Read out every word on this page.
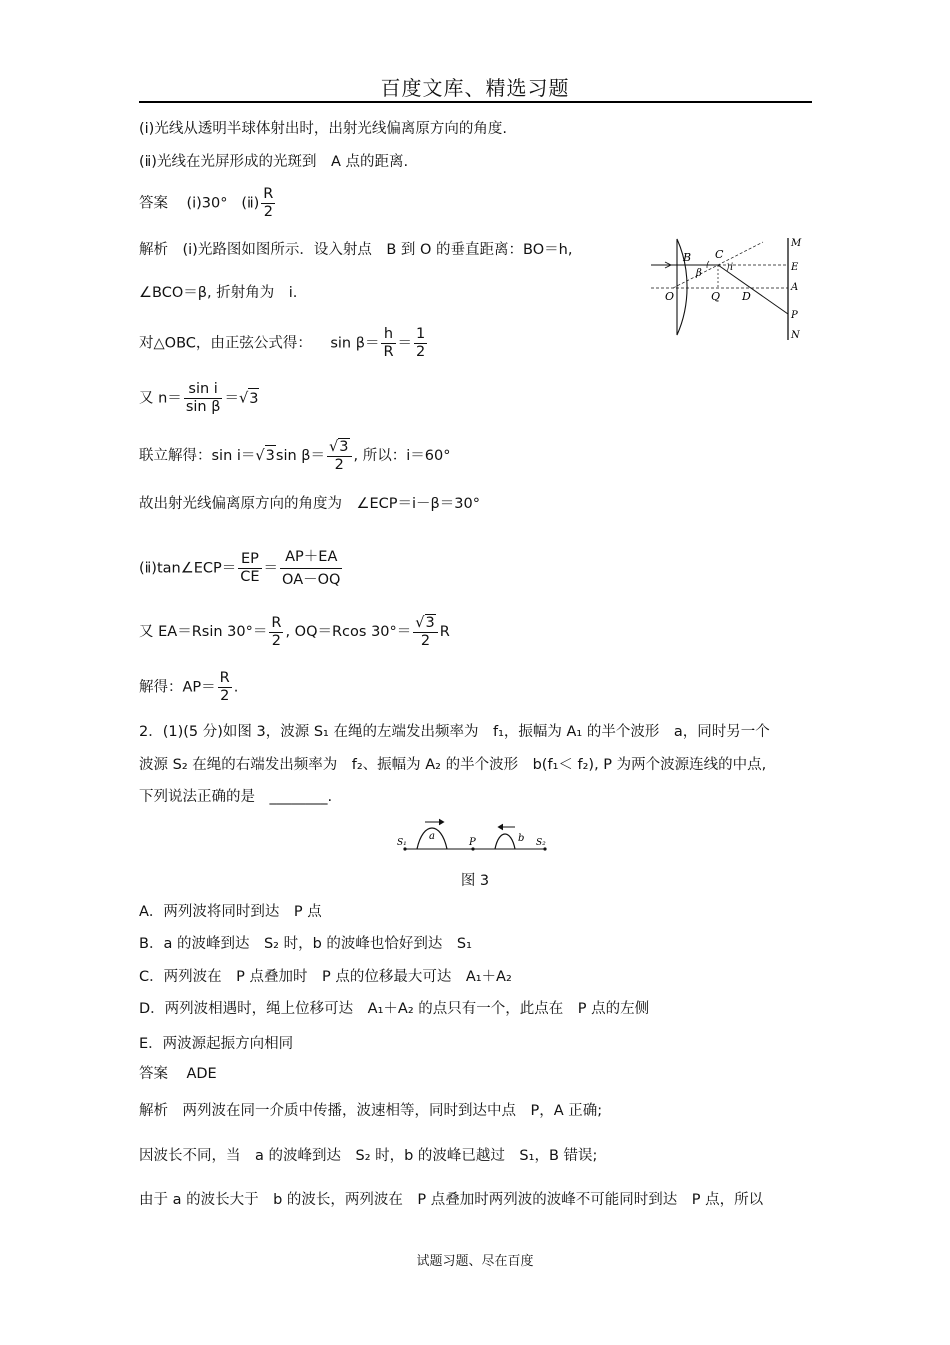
百度文库、精选习题
(ⅰ)光线从透明半球体射出时，出射光线偏离原方向的角度.
(ⅱ)光线在光屏形成的光斑到　A 点的距离.
答案 (ⅰ)30° (ⅱ) $\frac{R}{2}$
解析　(ⅰ)光路图如图所示．设入射点　B 到 O 的垂直距离：BO＝h,
∠BCO＝β, 折射角为　i.
对△OBC，由正弦公式得： $\sin \beta= \frac{h}{R} = \frac{1}{2}$
又 $n= \frac{\text{sin i}}{\text{sin β}} =√3$
联立解得：sin i＝√3sin $\beta= \frac{√3}{2}$ , 所以：i＝60°
故出射光线偏离原方向的角度为　∠ECP＝i－β＝30°
(ⅱ)tan∠ECP＝ $\frac{EP}{CE} = \frac{AP+EA}{OA-OQ}$
又 EA＝Rsin $30^\circ= \frac{R}{2}$ , OQ＝Rcos $30^\circ= \frac{√3}{2}$ R
解得：$AP= \frac{R}{2}$ .
B C
i
β
M
E
A
P
N
O	Q D
2．(1)(5 分)如图 3，波源 S₁ 在绳的左端发出频率为　f₁，振幅为 A₁ 的半个波形　a，同时另一个
波源 S₂ 在绳的右端发出频率为　f₂、振幅为 A₂ 的半个波形　b(f₁＜ f₂), P 为两个波源连线的中点,
下列说法正确的是　________.
S₁
a
P	b S₂
图 3
A．两列波将同时到达　P 点
B．a 的波峰到达　S₂ 时，b 的波峰也恰好到达　S₁
C．两列波在　P 点叠加时　P 点的位移最大可达　A₁＋A₂
D．两列波相遇时，绳上位移可达　A₁＋A₂ 的点只有一个，此点在　P 点的左侧
E．两波源起振方向相同
答案 ADE
解析　两列波在同一介质中传播，波速相等，同时到达中点　P，A 正确;
因波长不同，当　a 的波峰到达　S₂ 时，b 的波峰已越过　S₁，B 错误;
由于 a 的波长大于　b 的波长，两列波在　P 点叠加时两列波的波峰不可能同时到达　P 点，所以
试题习题、尽在百度
